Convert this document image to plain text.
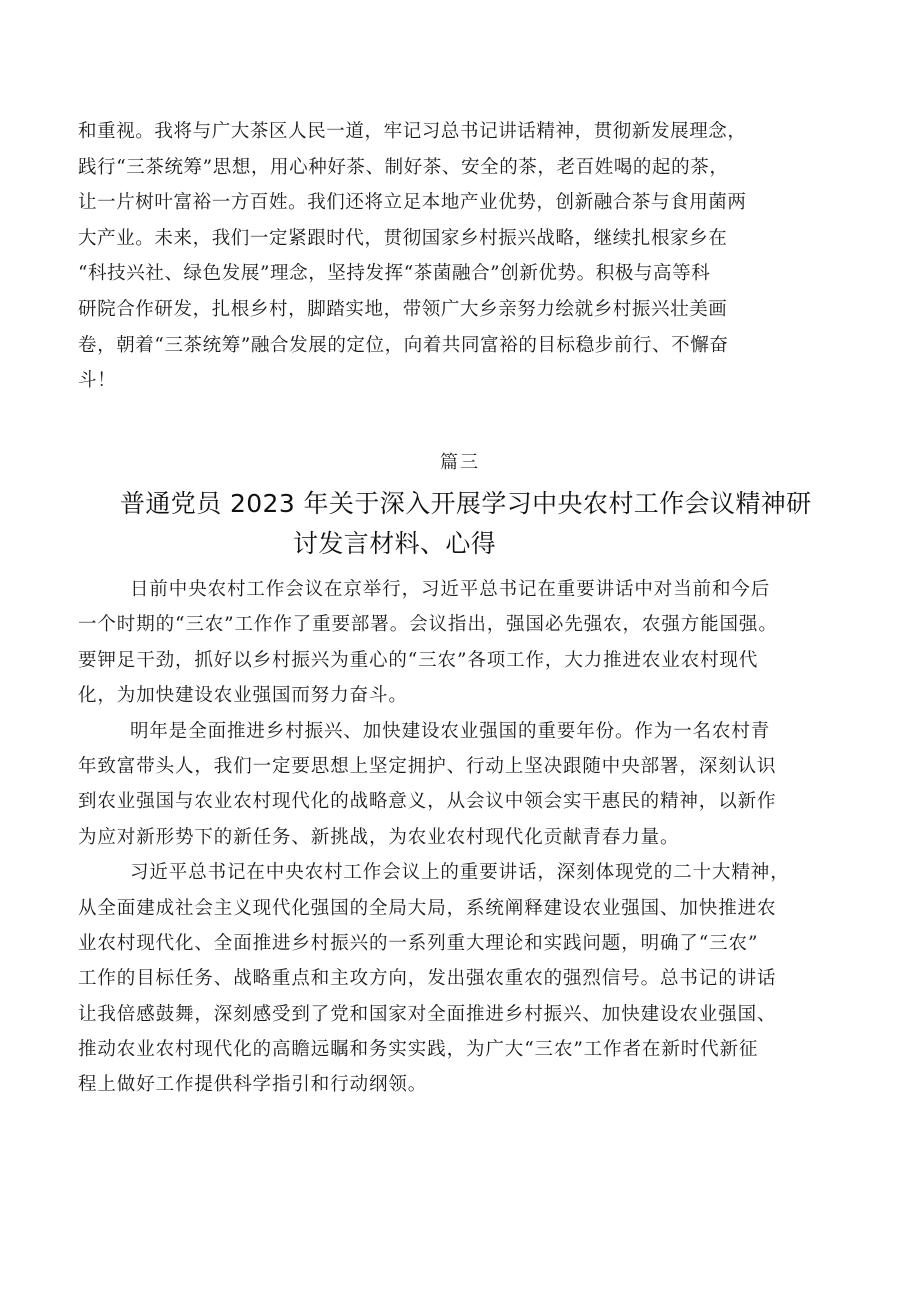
和重视。我将与广大茶区人民一道，牢记习总书记讲话精神，贯彻新发展理念，
践行“三茶统筹”思想，用心种好茶、制好茶、安全的茶，老百姓喝的起的茶，
让一片树叶富裕一方百姓。我们还将立足本地产业优势，创新融合茶与食用菌两
大产业。未来，我们一定紧跟时代，贯彻国家乡村振兴战略，继续扎根家乡在
“科技兴社、绿色发展”理念，坚持发挥“茶菌融合”创新优势。积极与高等科
研院合作研发，扎根乡村，脚踏实地，带领广大乡亲努力绘就乡村振兴壮美画
卷，朝着“三茶统筹”融合发展的定位，向着共同富裕的目标稳步前行、不懈奋
斗！
篇三
普通党员 2023 年关于深入开展学习中央农村工作会议精神研
讨发言材料、心得
日前中央农村工作会议在京举行，习近平总书记在重要讲话中对当前和今后
一个时期的“三农”工作作了重要部署。会议指出，强国必先强农，农强方能国强。
要钾足干劲，抓好以乡村振兴为重心的“三农”各项工作，大力推进农业农村现代
化，为加快建设农业强国而努力奋斗。
明年是全面推进乡村振兴、加快建设农业强国的重要年份。作为一名农村青
年致富带头人，我们一定要思想上坚定拥护、行动上坚决跟随中央部署，深刻认识
到农业强国与农业农村现代化的战略意义，从会议中领会实干惠民的精神，以新作
为应对新形势下的新任务、新挑战，为农业农村现代化贡献青春力量。
习近平总书记在中央农村工作会议上的重要讲话，深刻体现党的二十大精神，
从全面建成社会主义现代化强国的全局大局，系统阐释建设农业强国、加快推进农
业农村现代化、全面推进乡村振兴的一系列重大理论和实践问题，明确了“三农”
工作的目标任务、战略重点和主攻方向，发出强农重农的强烈信号。总书记的讲话
让我倍感鼓舞，深刻感受到了党和国家对全面推进乡村振兴、加快建设农业强国、
推动农业农村现代化的高瞻远瞩和务实实践，为广大“三农”工作者在新时代新征
程上做好工作提供科学指引和行动纲领。
